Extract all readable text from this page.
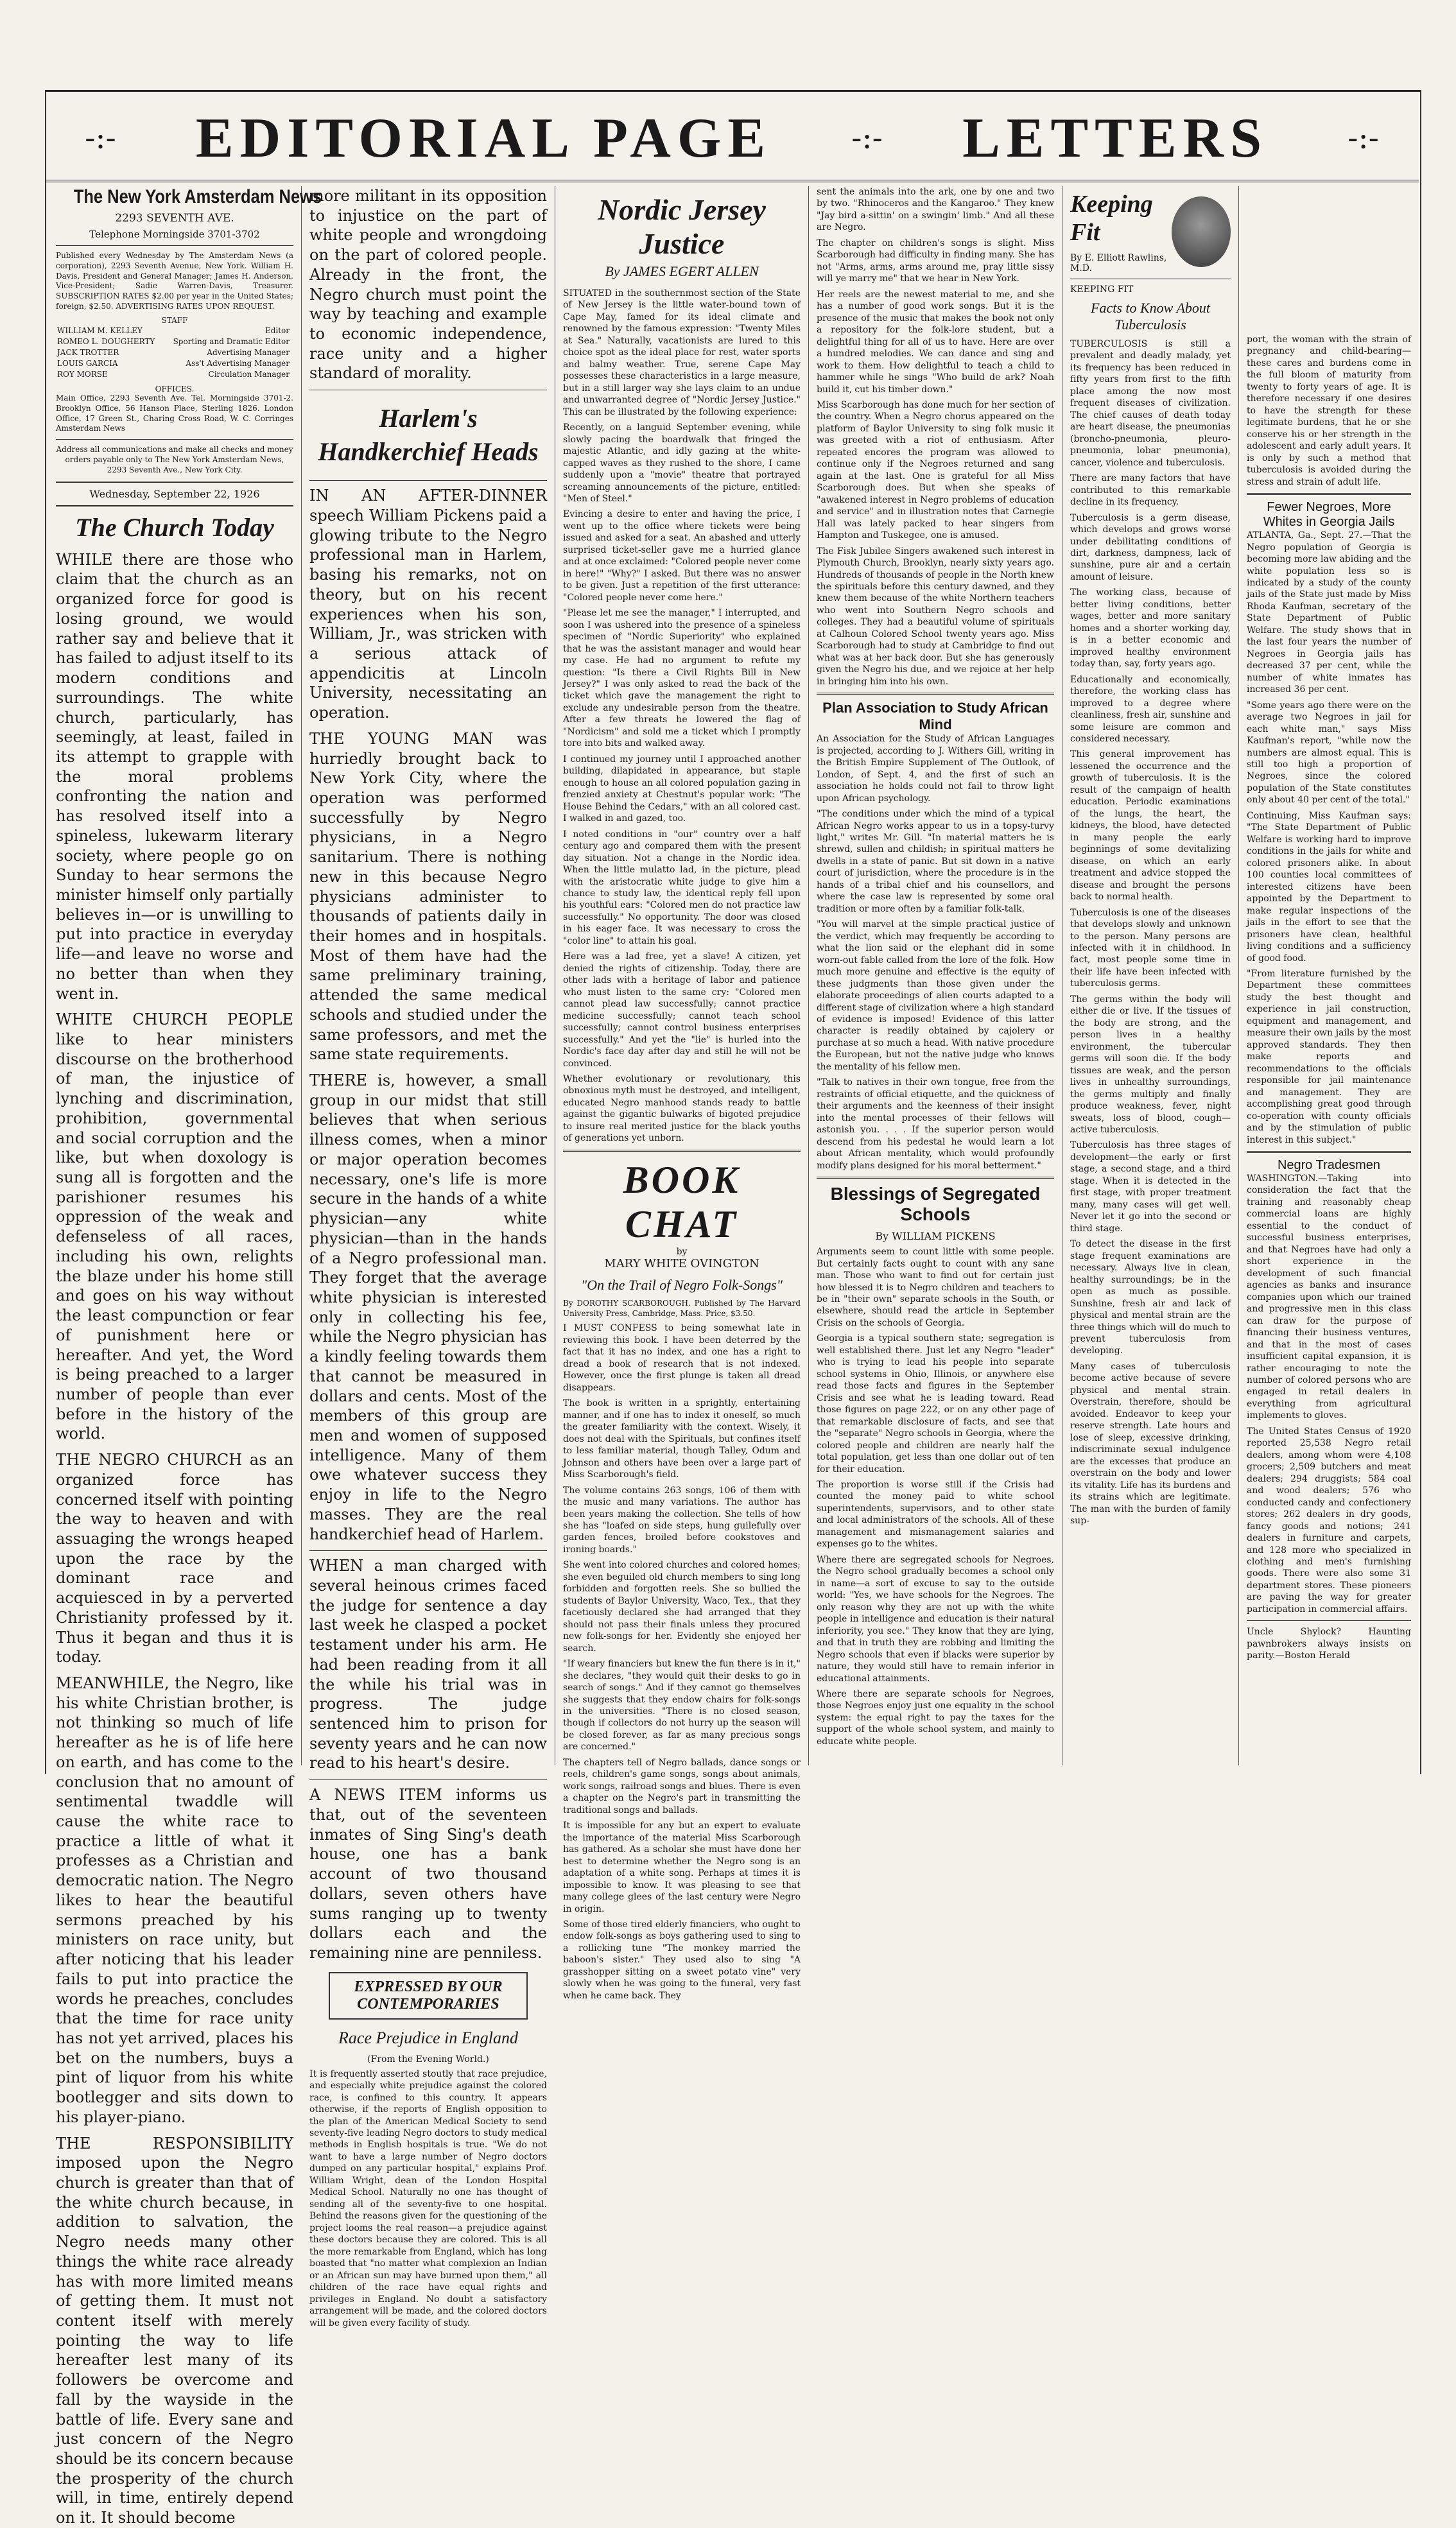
-:- EDITORIAL PAGE	-:- LETTERS	-:-
The New York Amsterdam News
2293 SEVENTH AVE.
Telephone Morningside 3701-3702

Published every Wednesday by The Amsterdam News (a corporation), 2293 Seventh Avenue, New York. William H. Davis, President and General Manager; James H. Anderson, Vice-President; Sadie Warren-Davis, Treasurer. SUBSCRIPTION RATES $2.00 per year in the United States; foreign, $2.50. ADVERTISING RATES UPON REQUEST.

STAFF
WILLIAM M. KELLEY	Editor
ROMEO L. DOUGHERTY	Sporting and Dramatic Editor
JACK TROTTER	Advertising Manager
LOUIS GARCIA	Ass't Advertising Manager
ROY MORSE	Circulation Manager
OFFICES.

Main Office, 2293 Seventh Ave. Tel. Morningside 3701-2. Brooklyn Office, 56 Hanson Place, Sterling 1826. London Office, 17 Green St., Charing Cross Road, W. C. Corringes Amsterdam News

Address all communications and make all checks and money orders payable only to The New York Amsterdam News, 2293 Seventh Ave., New York City.

Wednesday, September 22, 1926
The Church Today

WHILE there are those who claim that the church as an organized force for good is losing ground, we would rather say and believe that it has failed to adjust itself to its modern conditions and surroundings. The white church, particularly, has seemingly, at least, failed in its attempt to grapple with the moral problems confronting the nation and has resolved itself into a spineless, lukewarm literary society, where people go on Sunday to hear sermons the minister himself only partially believes in—or is unwilling to put into practice in everyday life—and leave no worse and no better than when they went in.

WHITE CHURCH PEOPLE like to hear ministers discourse on the brotherhood of man, the injustice of lynching and discrimination, prohibition, governmental and social corruption and the like, but when doxology is sung all is forgotten and the parishioner resumes his oppression of the weak and defenseless of all races, including his own, relights the blaze under his home still and goes on his way without the least compunction or fear of punishment here or hereafter. And yet, the Word is being preached to a larger number of people than ever before in the history of the world.

THE NEGRO CHURCH as an organized force has concerned itself with pointing the way to heaven and with assuaging the wrongs heaped upon the race by the dominant race and acquiesced in by a perverted Christianity professed by it. Thus it began and thus it is today.

MEANWHILE, the Negro, like his white Christian brother, is not thinking so much of life hereafter as he is of life here on earth, and has come to the conclusion that no amount of sentimental twaddle will cause the white race to practice a little of what it professes as a Christian and democratic nation. The Negro likes to hear the beautiful sermons preached by his ministers on race unity, but after noticing that his leader fails to put into practice the words he preaches, concludes that the time for race unity has not yet arrived, places his bet on the numbers, buys a pint of liquor from his white bootlegger and sits down to his player-piano.

THE RESPONSIBILITY imposed upon the Negro church is greater than that of the white church because, in addition to salvation, the Negro needs many other things the white race already has with more limited means of getting them. It must not content itself with merely pointing the way to life hereafter lest many of its followers be overcome and fall by the wayside in the battle of life. Every sane and just concern of the Negro should be its concern because the prosperity of the church will, in time, entirely depend on it. It should become

more militant in its opposition to injustice on the part of white people and wrongdoing on the part of colored people. Already in the front, the Negro church must point the way by teaching and example to economic independence, race unity and a higher standard of morality.

Harlem's Handkerchief Heads

IN AN AFTER-DINNER speech William Pickens paid a glowing tribute to the Negro professional man in Harlem, basing his remarks, not on theory, but on his recent experiences when his son, William, Jr., was stricken with a serious attack of appendicitis at Lincoln University, necessitating an operation.

THE YOUNG MAN was hurriedly brought back to New York City, where the operation was performed successfully by Negro physicians, in a Negro sanitarium. There is nothing new in this because Negro physicians administer to thousands of patients daily in their homes and in hospitals. Most of them have had the same preliminary training, attended the same medical schools and studied under the same professors, and met the same state requirements.

THERE is, however, a small group in our midst that still believes that when serious illness comes, when a minor or major operation becomes necessary, one's life is more secure in the hands of a white physician—any white physician—than in the hands of a Negro professional man. They forget that the average white physician is interested only in collecting his fee, while the Negro physician has a kindly feeling towards them that cannot be measured in dollars and cents. Most of the members of this group are men and women of supposed intelligence. Many of them owe whatever success they enjoy in life to the Negro masses. They are the real handkerchief head of Harlem.

WHEN a man charged with several heinous crimes faced the judge for sentence a day last week he clasped a pocket testament under his arm. He had been reading from it all the while his trial was in progress. The judge sentenced him to prison for seventy years and he can now read to his heart's desire.

A NEWS ITEM informs us that, out of the seventeen inmates of Sing Sing's death house, one has a bank account of two thousand dollars, seven others have sums ranging up to twenty dollars each and the remaining nine are penniless.

EXPRESSED BY OUR CONTEMPORARIES
Race Prejudice in England
(From the Evening World.)

It is frequently asserted stoutly that race prejudice, and especially white prejudice against the colored race, is confined to this country. It appears otherwise, if the reports of English opposition to the plan of the American Medical Society to send seventy-five leading Negro doctors to study medical methods in English hospitals is true. "We do not want to have a large number of Negro doctors dumped on any particular hospital," explains Prof. William Wright, dean of the London Hospital Medical School. Naturally no one has thought of sending all of the seventy-five to one hospital. Behind the reasons given for the questioning of the project looms the real reason—a prejudice against these doctors because they are colored. This is all the more remarkable from England, which has long boasted that "no matter what complexion an Indian or an African sun may have burned upon them," all children of the race have equal rights and privileges in England. No doubt a satisfactory arrangement will be made, and the colored doctors will be given every facility of study.

Nordic Jersey Justice
By JAMES EGERT ALLEN

SITUATED in the southernmost section of the State of New Jersey is the little water-bound town of Cape May, famed for its ideal climate and renowned by the famous expression: "Twenty Miles at Sea." Naturally, vacationists are lured to this choice spot as the ideal place for rest, water sports and balmy weather. True, serene Cape May possesses these characteristics in a large measure, but in a still larger way she lays claim to an undue and unwarranted degree of "Nordic Jersey Justice." This can be illustrated by the following experience:

Recently, on a languid September evening, while slowly pacing the boardwalk that fringed the majestic Atlantic, and idly gazing at the white-capped waves as they rushed to the shore, I came suddenly upon a "movie" theatre that portrayed screaming announcements of the picture, entitled: "Men of Steel."

Evincing a desire to enter and having the price, I went up to the office where tickets were being issued and asked for a seat. An abashed and utterly surprised ticket-seller gave me a hurried glance and at once exclaimed: "Colored people never come in here!" "Why?" I asked. But there was no answer to be given. Just a repetition of the first utterance: "Colored people never come here."

"Please let me see the manager," I interrupted, and soon I was ushered into the presence of a spineless specimen of "Nordic Superiority" who explained that he was the assistant manager and would hear my case. He had no argument to refute my question: "Is there a Civil Rights Bill in New Jersey?" I was only asked to read the back of the ticket which gave the management the right to exclude any undesirable person from the theatre. After a few threats he lowered the flag of "Nordicism" and sold me a ticket which I promptly tore into bits and walked away.

I continued my journey until I approached another building, dilapidated in appearance, but staple enough to house an all colored population gazing in frenzied anxiety at Chestnut's popular work: "The House Behind the Cedars," with an all colored cast. I walked in and gazed, too.

I noted conditions in "our" country over a half century ago and compared them with the present day situation. Not a change in the Nordic idea. When the little mulatto lad, in the picture, plead with the aristocratic white judge to give him a chance to study law, the identical reply fell upon his youthful ears: "Colored men do not practice law successfully." No opportunity. The door was closed in his eager face. It was necessary to cross the "color line" to attain his goal.

Here was a lad free, yet a slave! A citizen, yet denied the rights of citizenship. Today, there are other lads with a heritage of labor and patience who must listen to the same cry: "Colored men cannot plead law successfully; cannot practice medicine successfully; cannot teach school successfully; cannot control business enterprises successfully." And yet the "lie" is hurled into the Nordic's face day after day and still he will not be convinced.

Whether evolutionary or revolutionary, this obnoxious myth must be destroyed, and intelligent, educated Negro manhood stands ready to battle against the gigantic bulwarks of bigoted prejudice to insure real merited justice for the black youths of generations yet unborn.

BOOK CHAT
by
MARY WHITE OVINGTON
"On the Trail of Negro Folk-Songs"

By DOROTHY SCARBOROUGH. Published by The Harvard University Press, Cambridge, Mass. Price, $3.50.

I MUST CONFESS to being somewhat late in reviewing this book. I have been deterred by the fact that it has no index, and one has a right to dread a book of research that is not indexed. However, once the first plunge is taken all dread disappears.

The book is written in a sprightly, entertaining manner, and if one has to index it oneself, so much the greater familiarity with the context. Wisely, it does not deal with the Spirituals, but confines itself to less familiar material, though Talley, Odum and Johnson and others have been over a large part of Miss Scarborough's field.

The volume contains 263 songs, 106 of them with the music and many variations. The author has been years making the collection. She tells of how she has "loafed on side steps, hung guilefully over garden fences, broiled before cookstoves and ironing boards."

She went into colored churches and colored homes; she even beguiled old church members to sing long forbidden and forgotten reels. She so bullied the students of Baylor University, Waco, Tex., that they facetiously declared she had arranged that they should not pass their finals unless they procured new folk-songs for her. Evidently she enjoyed her search.

"If weary financiers but knew the fun there is in it," she declares, "they would quit their desks to go in search of songs." And if they cannot go themselves she suggests that they endow chairs for folk-songs in the universities. "There is no closed season, though if collectors do not hurry up the season will be closed forever, as far as many precious songs are concerned."

The chapters tell of Negro ballads, dance songs or reels, children's game songs, songs about animals, work songs, railroad songs and blues. There is even a chapter on the Negro's part in transmitting the traditional songs and ballads.

It is impossible for any but an expert to evaluate the importance of the material Miss Scarborough has gathered. As a scholar she must have done her best to determine whether the Negro song is an adaptation of a white song. Perhaps at times it is impossible to know. It was pleasing to see that many college glees of the last century were Negro in origin.

Some of those tired elderly financiers, who ought to endow folk-songs as boys gathering used to sing to a rollicking tune "The monkey married the baboon's sister." They used also to sing "A grasshopper sitting on a sweet potato vine" very slowly when he was going to the funeral, very fast when he came back. They

sent the animals into the ark, one by one and two by two. "Rhinoceros and the Kangaroo." They knew "Jay bird a-sittin' on a swingin' limb." And all these are Negro.

The chapter on children's songs is slight. Miss Scarborough had difficulty in finding many. She has not "Arms, arms, arms around me, pray little sissy will ye marry me" that we hear in New York.

Her reels are the newest material to me, and she has a number of good work songs. But it is the presence of the music that makes the book not only a repository for the folk-lore student, but a delightful thing for all of us to have. Here are over a hundred melodies. We can dance and sing and work to them. How delightful to teach a child to hammer while he sings "Who build de ark? Noah build it, cut his timber down."

Miss Scarborough has done much for her section of the country. When a Negro chorus appeared on the platform of Baylor University to sing folk music it was greeted with a riot of enthusiasm. After repeated encores the program was allowed to continue only if the Negroes returned and sang again at the last. One is grateful for all Miss Scarborough does. But when she speaks of "awakened interest in Negro problems of education and service" and in illustration notes that Carnegie Hall was lately packed to hear singers from Hampton and Tuskegee, one is amused.

The Fisk Jubilee Singers awakened such interest in Plymouth Church, Brooklyn, nearly sixty years ago. Hundreds of thousands of people in the North knew the spirituals before this century dawned, and they knew them because of the white Northern teachers who went into Southern Negro schools and colleges. They had a beautiful volume of spirituals at Calhoun Colored School twenty years ago. Miss Scarborough had to study at Cambridge to find out what was at her back door. But she has generously given the Negro his due, and we rejoice at her help in bringing him into his own.

Plan Association to Study African Mind

An Association for the Study of African Languages is projected, according to J. Withers Gill, writing in the British Empire Supplement of The Outlook, of London, of Sept. 4, and the first of such an association he holds could not fail to throw light upon African psychology.

"The conditions under which the mind of a typical African Negro works appear to us in a topsy-turvy light," writes Mr. Gill. "In material matters he is shrewd, sullen and childish; in spiritual matters he dwells in a state of panic. But sit down in a native court of jurisdiction, where the procedure is in the hands of a tribal chief and his counsellors, and where the case law is represented by some oral tradition or more often by a familiar folk-talk.

"You will marvel at the simple practical justice of the verdict, which may frequently be according to what the lion said or the elephant did in some worn-out fable called from the lore of the folk. How much more genuine and effective is the equity of these judgments than those given under the elaborate proceedings of alien courts adapted to a different stage of civilization where a high standard of evidence is imposed! Evidence of this latter character is readily obtained by cajolery or purchase at so much a head. With native procedure the European, but not the native judge who knows the mentality of his fellow men.

"Talk to natives in their own tongue, free from the restraints of official etiquette, and the quickness of their arguments and the keenness of their insight into the mental processes of their fellows will astonish you. . . . If the superior person would descend from his pedestal he would learn a lot about African mentality, which would profoundly modify plans designed for his moral betterment."

Blessings of Segregated Schools
By WILLIAM PICKENS

Arguments seem to count little with some people. But certainly facts ought to count with any sane man. Those who want to find out for certain just how blessed it is to Negro children and teachers to be in "their own" separate schools in the South, or elsewhere, should read the article in September Crisis on the schools of Georgia.

Georgia is a typical southern state; segregation is well established there. Just let any Negro "leader" who is trying to lead his people into separate school systems in Ohio, Illinois, or anywhere else read those facts and figures in the September Crisis and see what he is leading toward. Read those figures on page 222, or on any other page of that remarkable disclosure of facts, and see that the "separate" Negro schools in Georgia, where the colored people and children are nearly half the total population, get less than one dollar out of ten for their education.

The proportion is worse still if the Crisis had counted the money paid to white school superintendents, supervisors, and to other state and local administrators of the schools. All of these management and mismanagement salaries and expenses go to the whites.

Where there are segregated schools for Negroes, the Negro school gradually becomes a school only in name—a sort of excuse to say to the outside world: "Yes, we have schools for the Negroes. The only reason why they are not up with the white people in intelligence and education is their natural inferiority, you see." They know that they are lying, and that in truth they are robbing and limiting the Negro schools that even if blacks were superior by nature, they would still have to remain inferior in educational attainments.

Where there are separate schools for Negroes, those Negroes enjoy just one equality in the school system: the equal right to pay the taxes for the support of the whole school system, and mainly to educate white people.

Keeping Fit
By E. Elliott Rawlins, M.D.
KEEPING FIT
Facts to Know About Tuberculosis

TUBERCULOSIS is still a prevalent and deadly malady, yet its frequency has been reduced in fifty years from first to the fifth place among the now most frequent diseases of civilization. The chief causes of death today are heart disease, the pneumonias (broncho-pneumonia, pleuro-pneumonia, lobar pneumonia), cancer, violence and tuberculosis.

There are many factors that have contributed to this remarkable decline in its frequency.

Tuberculosis is a germ disease, which develops and grows worse under debilitating conditions of dirt, darkness, dampness, lack of sunshine, pure air and a certain amount of leisure.

The working class, because of better living conditions, better wages, better and more sanitary homes and a shorter working day, is in a better economic and improved healthy environment today than, say, forty years ago.

Educationally and economically, therefore, the working class has improved to a degree where cleanliness, fresh air, sunshine and some leisure are common and considered necessary.

This general improvement has lessened the occurrence and the growth of tuberculosis. It is the result of the campaign of health education. Periodic examinations of the lungs, the heart, the kidneys, the blood, have detected in many people the early beginnings of some devitalizing disease, on which an early treatment and advice stopped the disease and brought the persons back to normal health.

Tuberculosis is one of the diseases that develops slowly and unknown to the person. Many persons are infected with it in childhood. In fact, most people some time in their life have been infected with tuberculosis germs.

The germs within the body will either die or live. If the tissues of the body are strong, and the person lives in a healthy environment, the tubercular germs will soon die. If the body tissues are weak, and the person lives in unhealthy surroundings, the germs multiply and finally produce weakness, fever, night sweats, loss of blood, cough—active tuberculosis.

Tuberculosis has three stages of development—the early or first stage, a second stage, and a third stage. When it is detected in the first stage, with proper treatment many, many cases will get well. Never let it go into the second or third stage.

To detect the disease in the first stage frequent examinations are necessary. Always live in clean, healthy surroundings; be in the open as much as possible. Sunshine, fresh air and lack of physical and mental strain are the three things which will do much to prevent tuberculosis from developing.

Many cases of tuberculosis become active because of severe physical and mental strain. Overstrain, therefore, should be avoided. Endeavor to keep your reserve strength. Late hours and lose of sleep, excessive drinking, indiscriminate sexual indulgence are the excesses that produce an overstrain on the body and lower its vitality. Life has its burdens and its strains which are legitimate. The man with the burden of family sup-

port, the woman with the strain of pregnancy and child-bearing—these cares and burdens come in the full bloom of maturity from twenty to forty years of age. It is therefore necessary if one desires to have the strength for these legitimate burdens, that he or she conserve his or her strength in the adolescent and early adult years. It is only by such a method that tuberculosis is avoided during the stress and strain of adult life.

Fewer Negroes, More Whites in Georgia Jails

ATLANTA, Ga., Sept. 27.—That the Negro population of Georgia is becoming more law abiding and the white population less so is indicated by a study of the county jails of the State just made by Miss Rhoda Kaufman, secretary of the State Department of Public Welfare. The study shows that in the last four years the number of Negroes in Georgia jails has decreased 37 per cent, while the number of white inmates has increased 36 per cent.

"Some years ago there were on the average two Negroes in jail for each white man," says Miss Kaufman's report, "while now the numbers are almost equal. This is still too high a proportion of Negroes, since the colored population of the State constitutes only about 40 per cent of the total."

Continuing, Miss Kaufman says: "The State Department of Public Welfare is working hard to improve conditions in the jails for white and colored prisoners alike. In about 100 counties local committees of interested citizens have been appointed by the Department to make regular inspections of the jails in the effort to see that the prisoners have clean, healthful living conditions and a sufficiency of good food.

"From literature furnished by the Department these committees study the best thought and experience in jail construction, equipment and management, and measure their own jails by the most approved standards. They then make reports and recommendations to the officials responsible for jail maintenance and management. They are accomplishing great good through co-operation with county officials and by the stimulation of public interest in this subject."

Negro Tradesmen

WASHINGTON.—Taking into consideration the fact that the training and reasonably cheap commercial loans are highly essential to the conduct of successful business enterprises, and that Negroes have had only a short experience in the development of such financial agencies as banks and insurance companies upon which our trained and progressive men in this class can draw for the purpose of financing their business ventures, and that in the most of cases insufficient capital expansion, it is rather encouraging to note the number of colored persons who are engaged in retail dealers in everything from agricultural implements to gloves.

The United States Census of 1920 reported 25,538 Negro retail dealers, among whom were 4,108 grocers; 2,509 butchers and meat dealers; 294 druggists; 584 coal and wood dealers; 576 who conducted candy and confectionery stores; 262 dealers in dry goods, fancy goods and notions; 241 dealers in furniture and carpets, and 128 more who specialized in clothing and men's furnishing goods. There were also some 31 department stores. These pioneers are paving the way for greater participation in commercial affairs.

Uncle Shylock? Haunting pawnbrokers always insists on parity.—Boston Herald
